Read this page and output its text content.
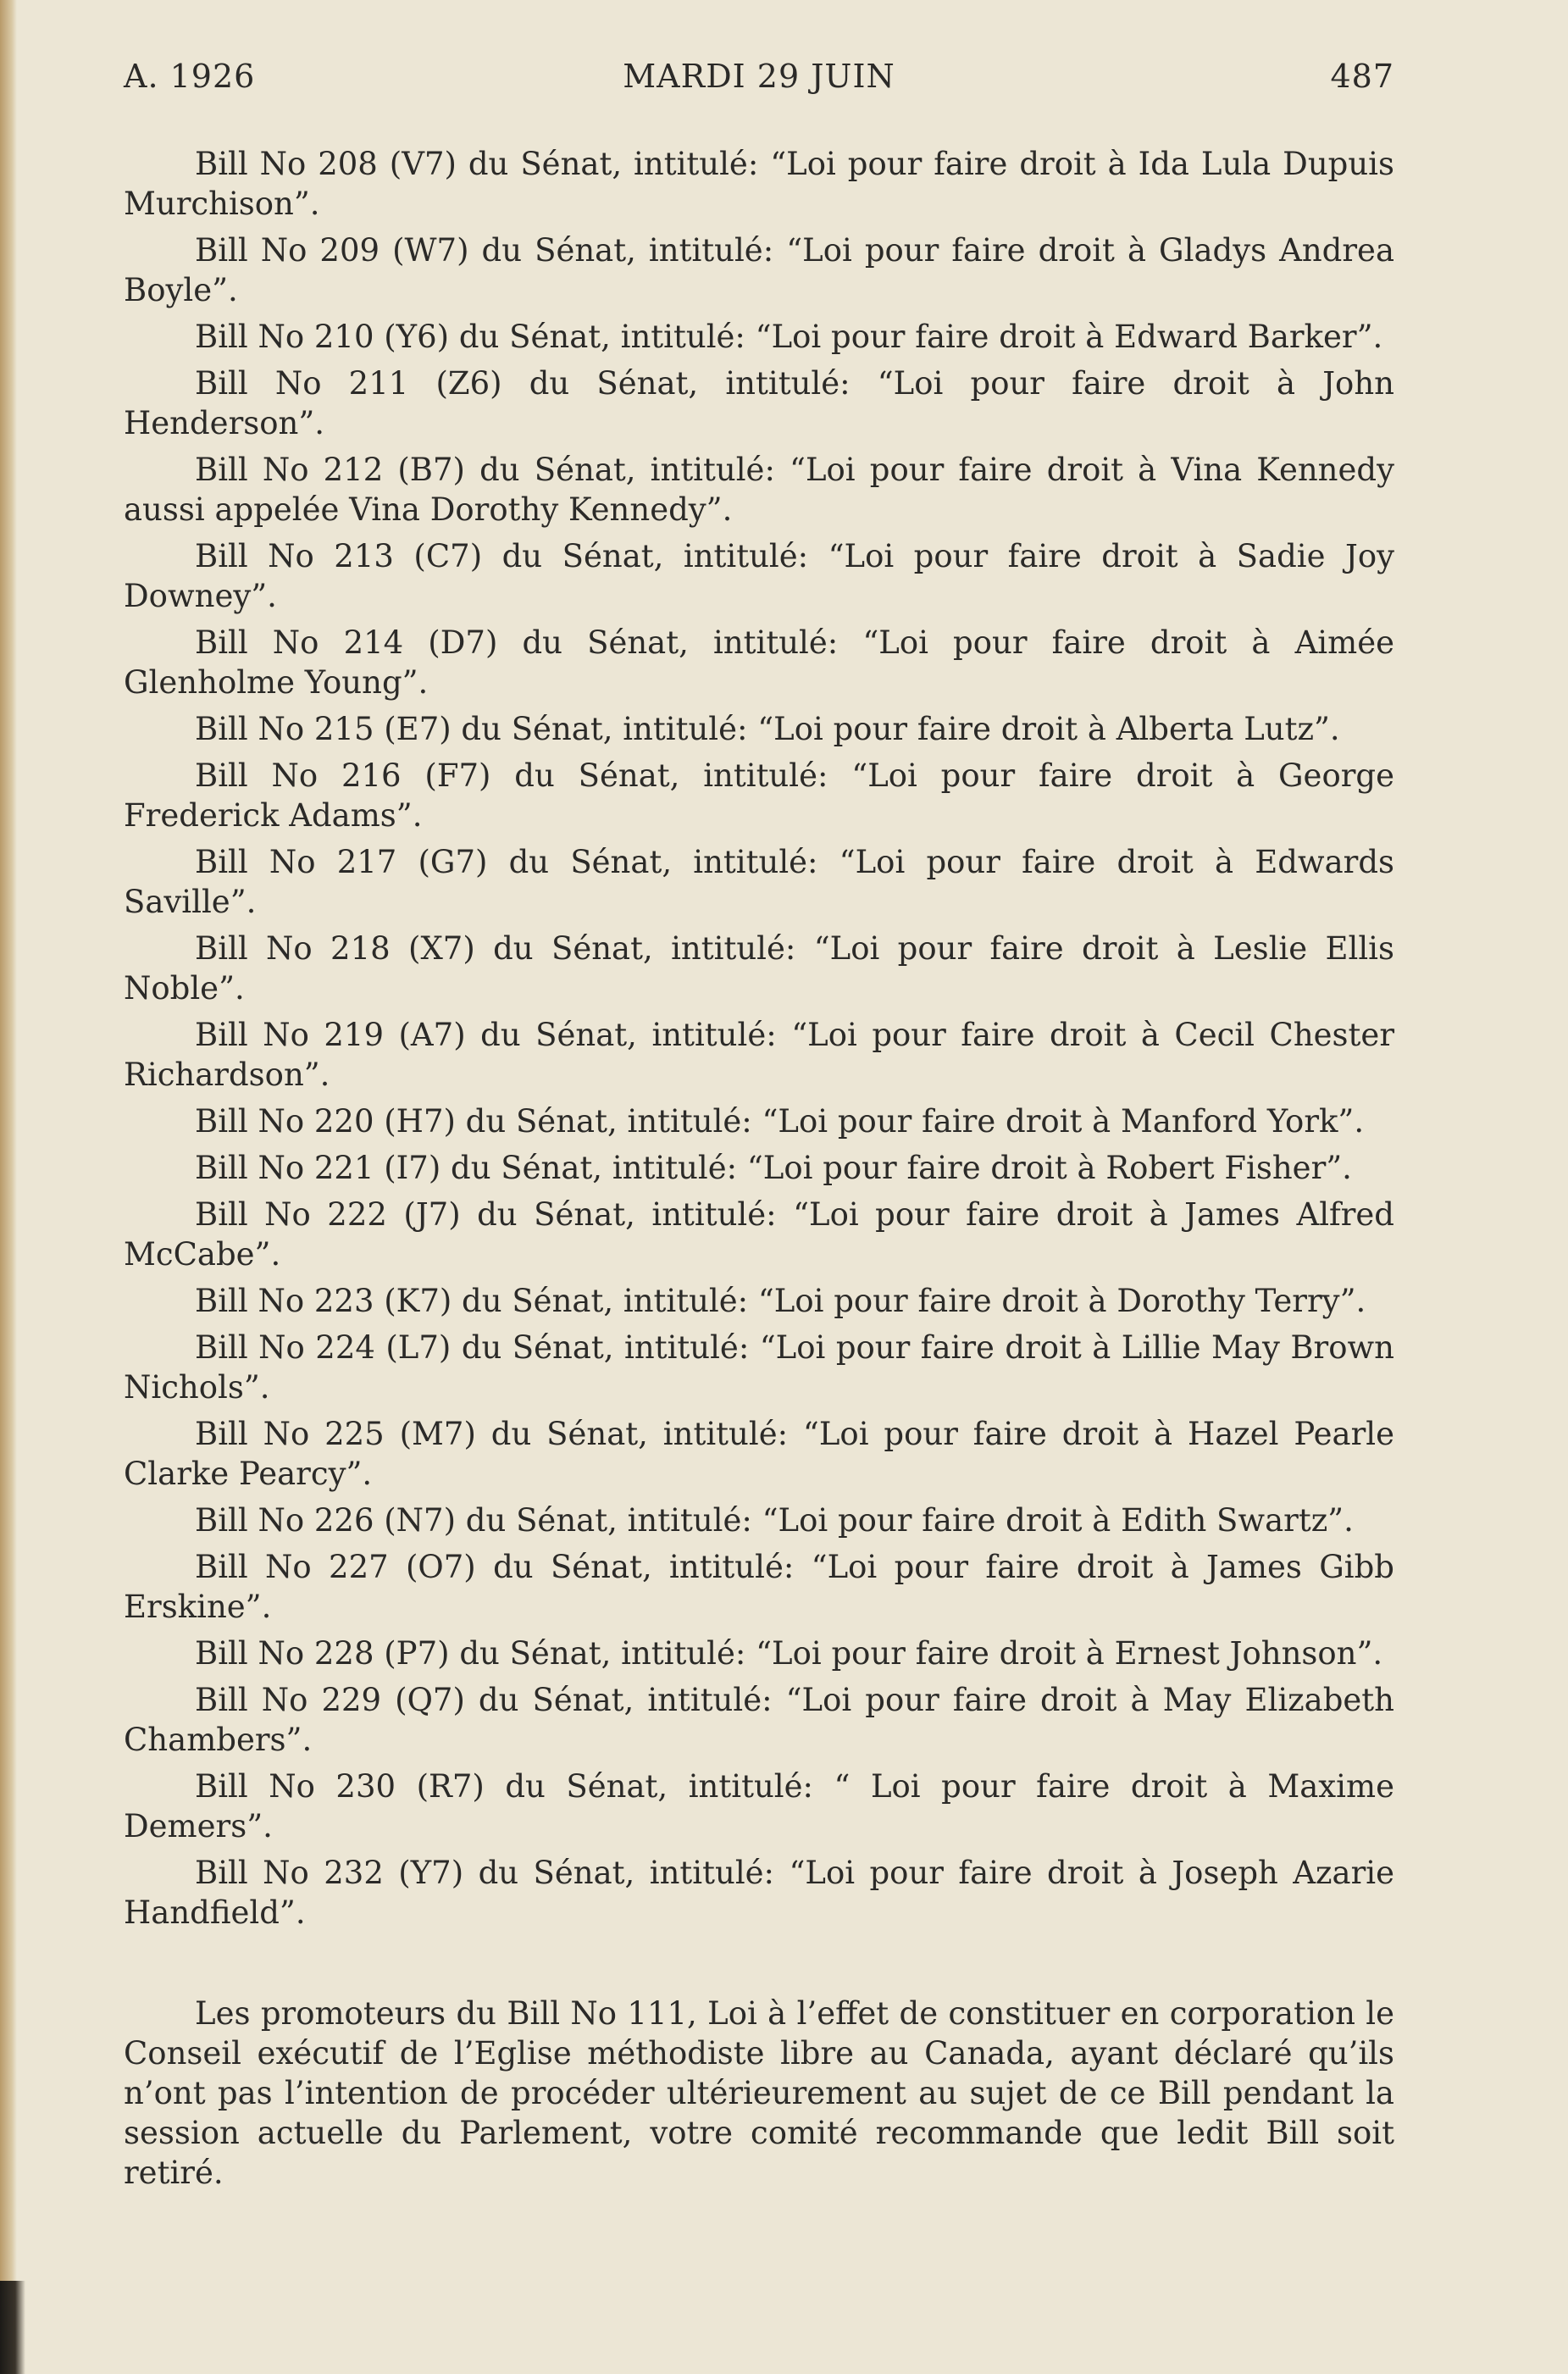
A. 1926	MARDI 29 JUIN	487

Bill No 208 (V7) du Sénat, intitulé: “Loi pour faire droit à Ida Lula Dupuis Murchison”.

Bill No 209 (W7) du Sénat, intitulé: “Loi pour faire droit à Gladys Andrea Boyle”.

Bill No 210 (Y6) du Sénat, intitulé: “Loi pour faire droit à Edward Barker”.

Bill No 211 (Z6) du Sénat, intitulé: “Loi pour faire droit à John Henderson”.

Bill No 212 (B7) du Sénat, intitulé: “Loi pour faire droit à Vina Kennedy aussi appelée Vina Dorothy Kennedy”.

Bill No 213 (C7) du Sénat, intitulé: “Loi pour faire droit à Sadie Joy Downey”.

Bill No 214 (D7) du Sénat, intitulé: “Loi pour faire droit à Aimée Glenholme Young”.

Bill No 215 (E7) du Sénat, intitulé: “Loi pour faire droit à Alberta Lutz”.

Bill No 216 (F7) du Sénat, intitulé: “Loi pour faire droit à George Frederick Adams”.

Bill No 217 (G7) du Sénat, intitulé: “Loi pour faire droit à Edwards Saville”.

Bill No 218 (X7) du Sénat, intitulé: “Loi pour faire droit à Leslie Ellis Noble”.

Bill No 219 (A7) du Sénat, intitulé: “Loi pour faire droit à Cecil Chester Richardson”.

Bill No 220 (H7) du Sénat, intitulé: “Loi pour faire droit à Manford York”.

Bill No 221 (I7) du Sénat, intitulé: “Loi pour faire droit à Robert Fisher”.

Bill No 222 (J7) du Sénat, intitulé: “Loi pour faire droit à James Alfred McCabe”.

Bill No 223 (K7) du Sénat, intitulé: “Loi pour faire droit à Dorothy Terry”.

Bill No 224 (L7) du Sénat, intitulé: “Loi pour faire droit à Lillie May Brown Nichols”.

Bill No 225 (M7) du Sénat, intitulé: “Loi pour faire droit à Hazel Pearle Clarke Pearcy”.

Bill No 226 (N7) du Sénat, intitulé: “Loi pour faire droit à Edith Swartz”.

Bill No 227 (O7) du Sénat, intitulé: “Loi pour faire droit à James Gibb Erskine”.

Bill No 228 (P7) du Sénat, intitulé: “Loi pour faire droit à Ernest Johnson”.

Bill No 229 (Q7) du Sénat, intitulé: “Loi pour faire droit à May Elizabeth Chambers”.

Bill No 230 (R7) du Sénat, intitulé: “ Loi pour faire droit à Maxime Demers”.

Bill No 232 (Y7) du Sénat, intitulé: “Loi pour faire droit à Joseph Azarie Handfield”.

Les promoteurs du Bill No 111, Loi à l’effet de constituer en corporation le Conseil exécutif de l’Eglise méthodiste libre au Canada, ayant déclaré qu’ils n’ont pas l’intention de procéder ultérieurement au sujet de ce Bill pendant la session actuelle du Parlement, votre comité recommande que ledit Bill soit retiré.
